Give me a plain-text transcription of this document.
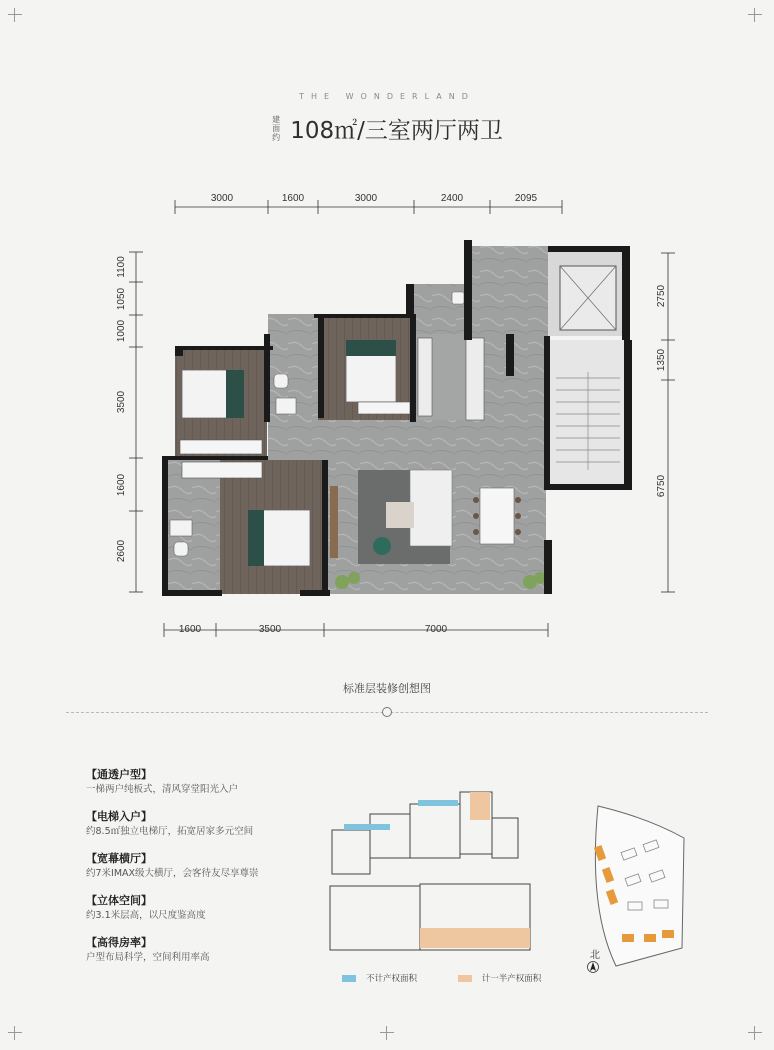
THE WONDERLAND
建面约 108㎡/三室两厅两卫
3000	1600	3000	2400	2095
1600	3500	7000
1100
1050
1000
3500
1600
2600
2750
1350
6750
标准层装修创想图
【通透户型】
一梯两户纯板式，清风穿堂阳光入户
【电梯入户】
约8.5㎡独立电梯厅，拓宽居家多元空间
【宽幕横厅】
约7米IMAX级大横厅，会客待友尽享尊崇
【立体空间】
约3.1米层高，以尺度鉴高度
【高得房率】
户型布局科学，空间利用率高	北
不计产权面积
	计一半产权面积
